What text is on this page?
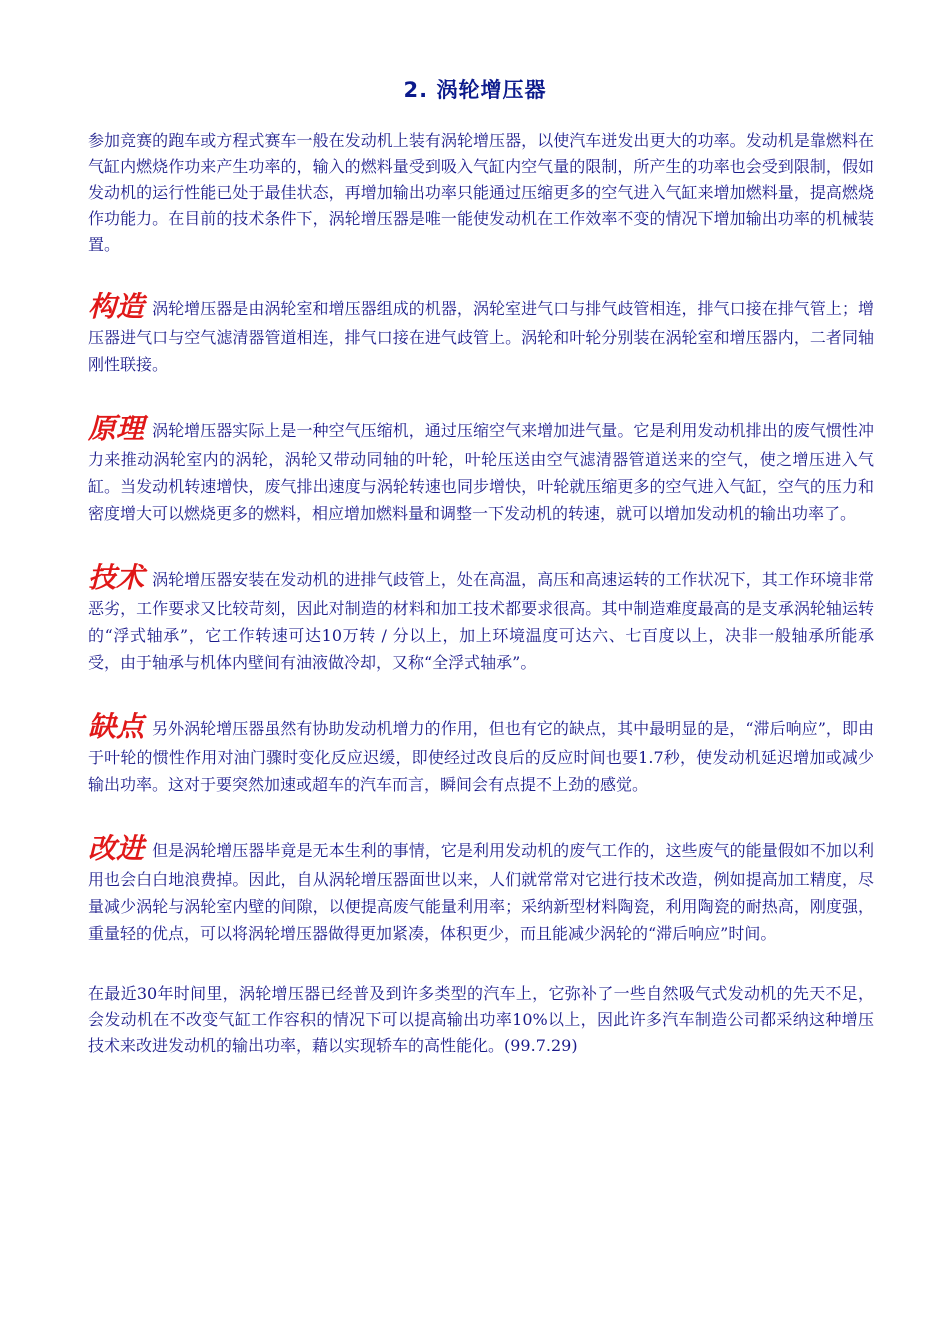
2. 涡轮增压器

参加竞赛的跑车或方程式赛车一般在发动机上装有涡轮增压器，以使汽车迸发出更大的功率。发动机是靠燃料在气缸内燃烧作功来产生功率的，输入的燃料量受到吸入气缸内空气量的限制，所产生的功率也会受到限制，假如发动机的运行性能已处于最佳状态，再增加输出功率只能通过压缩更多的空气进入气缸来增加燃料量，提高燃烧作功能力。在目前的技术条件下，涡轮增压器是唯一能使发动机在工作效率不变的情况下增加输出功率的机械装置。

构造 涡轮增压器是由涡轮室和增压器组成的机器，涡轮室进气口与排气歧管相连，排气口接在排气管上；增压器进气口与空气滤清器管道相连，排气口接在进气歧管上。涡轮和叶轮分别装在涡轮室和增压器内，二者同轴刚性联接。
原理 涡轮增压器实际上是一种空气压缩机，通过压缩空气来增加进气量。它是利用发动机排出的废气惯性冲力来推动涡轮室内的涡轮，涡轮又带动同轴的叶轮，叶轮压送由空气滤清器管道送来的空气，使之增压进入气缸。当发动机转速增快，废气排出速度与涡轮转速也同步增快，叶轮就压缩更多的空气进入气缸，空气的压力和密度增大可以燃烧更多的燃料，相应增加燃料量和调整一下发动机的转速，就可以增加发动机的输出功率了。
技术 涡轮增压器安装在发动机的进排气歧管上，处在高温，高压和高速运转的工作状况下，其工作环境非常恶劣，工作要求又比较苛刻，因此对制造的材料和加工技术都要求很高。其中制造难度最高的是支承涡轮轴运转的“浮式轴承”，它工作转速可达10万转 / 分以上，加上环境温度可达六、七百度以上，决非一般轴承所能承受，由于轴承与机体内壁间有油液做冷却，又称“全浮式轴承”。
缺点 另外涡轮增压器虽然有协助发动机增力的作用，但也有它的缺点，其中最明显的是，“滞后响应”，即由于叶轮的惯性作用对油门骤时变化反应迟缓，即使经过改良后的反应时间也要1.7秒，使发动机延迟增加或减少输出功率。这对于要突然加速或超车的汽车而言，瞬间会有点提不上劲的感觉。
改进 但是涡轮增压器毕竟是无本生利的事情，它是利用发动机的废气工作的，这些废气的能量假如不加以利用也会白白地浪费掉。因此，自从涡轮增压器面世以来，人们就常常对它进行技术改造，例如提高加工精度，尽量减少涡轮与涡轮室内壁的间隙，以便提高废气能量利用率；采纳新型材料陶瓷，利用陶瓷的耐热高，刚度强，重量轻的优点，可以将涡轮增压器做得更加紧凑，体积更少，而且能减少涡轮的“滞后响应”时间。

在最近30年时间里，涡轮增压器已经普及到许多类型的汽车上，它弥补了一些自然吸气式发动机的先天不足，会发动机在不改变气缸工作容积的情况下可以提高输出功率10%以上，因此许多汽车制造公司都采纳这种增压技术来改进发动机的输出功率，藉以实现轿车的高性能化。(99.7.29)
